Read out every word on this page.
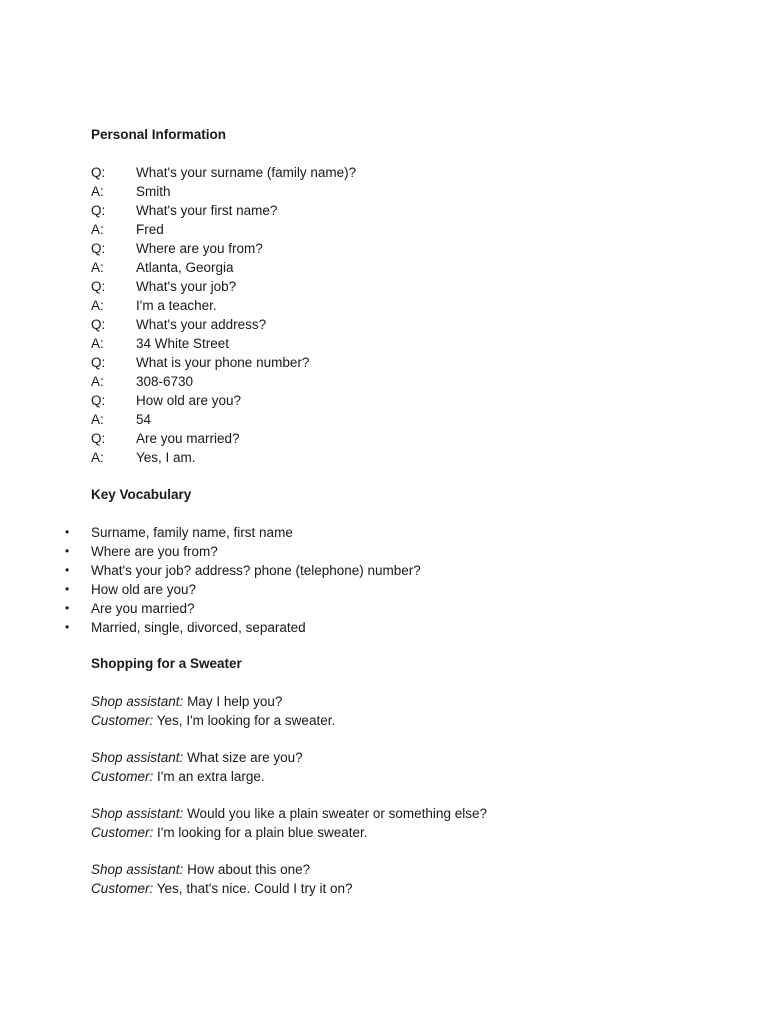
Personal Information
Q: What's your surname (family name)?
A: Smith
Q: What's your first name?
A: Fred
Q: Where are you from?
A: Atlanta, Georgia
Q: What's your job?
A: I'm a teacher.
Q: What's your address?
A: 34 White Street
Q: What is your phone number?
A: 308-6730
Q: How old are you?
A: 54
Q: Are you married?
A: Yes, I am.
Key Vocabulary
• Surname, family name, first name
• Where are you from?
• What's your job? address? phone (telephone) number?
• How old are you?
• Are you married?
• Married, single, divorced, separated
Shopping for a Sweater
Shop assistant: May I help you?
Customer: Yes, I'm looking for a sweater.
Shop assistant: What size are you?
Customer: I'm an extra large.
Shop assistant: Would you like a plain sweater or something else?
Customer: I'm looking for a plain blue sweater.
Shop assistant: How about this one?
Customer: Yes, that's nice. Could I try it on?
